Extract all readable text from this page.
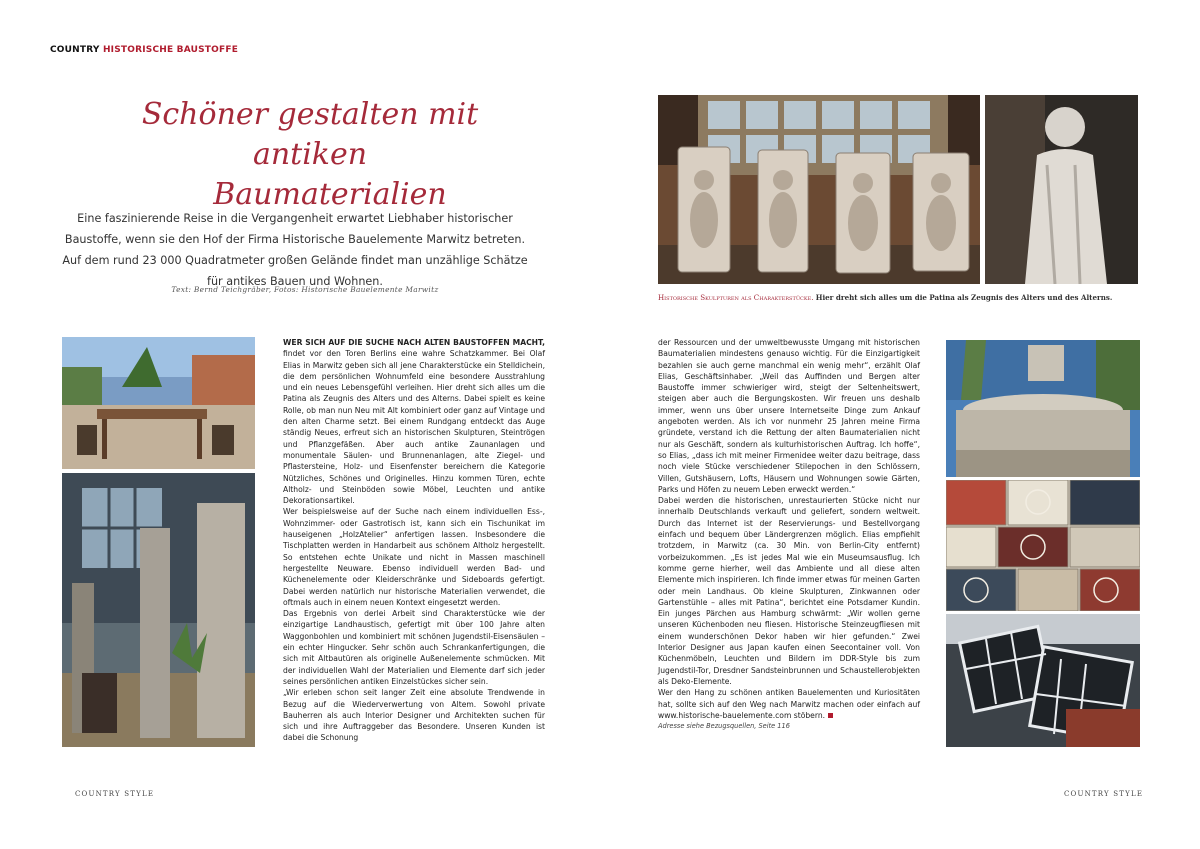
COUNTRY HISTORISCHE BAUSTOFFE
Schöner gestalten mit antiken
Baumaterialien
Eine faszinierende Reise in die Vergangenheit erwartet Liebhaber historischer Baustoffe, wenn sie den Hof der Firma Historische Bauelemente Marwitz betreten. Auf dem rund 23 000 Quadratmeter großen Gelände findet man unzählige Schätze für antikes Bauen und Wohnen.
Text: Bernd Teichgräber, Fotos: Historische Bauelemente Marwitz
Historische Skulpturen als Charakterstücke. Hier dreht sich alles um die Patina als Zeugnis des Alters und des Alterns.

WER SICH AUF DIE SUCHE NACH ALTEN BAUSTOFFEN MACHT, findet vor den Toren Berlins eine wahre Schatzkammer. Bei Olaf Elias in Marwitz geben sich all jene Charakterstücke ein Stelldichein, die dem persönlichen Wohnumfeld eine besondere Ausstrahlung und ein neues Lebensgefühl verleihen. Hier dreht sich alles um die Patina als Zeugnis des Alters und des Alterns. Dabei spielt es keine Rolle, ob man nun Neu mit Alt kombiniert oder ganz auf Vintage und den alten Charme setzt. Bei einem Rundgang entdeckt das Auge ständig Neues, erfreut sich an historischen Skulpturen, Steintrögen und Pflanzgefäßen. Aber auch antike Zaunanlagen und monumentale Säulen- und Brunnenanlagen, alte Ziegel- und Pflastersteine, Holz- und Eisenfenster bereichern die Kategorie Nützliches, Schönes und Originelles. Hinzu kommen Türen, echte Altholz- und Steinböden sowie Möbel, Leuchten und antike Dekorationsartikel.

Wer beispielsweise auf der Suche nach einem individuellen Ess-, Wohnzimmer- oder Gastrotisch ist, kann sich ein Tischunikat im hauseigenen „HolzAtelier“ anfertigen lassen. Insbesondere die Tischplatten werden in Handarbeit aus schönem Altholz hergestellt. So entstehen echte Unikate und nicht in Massen maschinell hergestellte Neuware. Ebenso individuell werden Bad- und Küchenelemente oder Kleiderschränke und Sideboards gefertigt. Dabei werden natürlich nur historische Materialien verwendet, die oftmals auch in einem neuen Kontext eingesetzt werden.

Das Ergebnis von derlei Arbeit sind Charakterstücke wie der einzigartige Landhaustisch, gefertigt mit über 100 Jahre alten Waggonbohlen und kombiniert mit schönen Jugendstil-Eisensäulen – ein echter Hingucker. Sehr schön auch Schrankanfertigungen, die sich mit Altbautüren als originelle Außenelemente schmücken. Mit der individuellen Wahl der Materialien und Elemente darf sich jeder seines persönlichen antiken Einzelstückes sicher sein.

„Wir erleben schon seit langer Zeit eine absolute Trendwende in Bezug auf die Wiederverwertung von Altem. Sowohl private Bauherren als auch Interior Designer und Architekten suchen für sich und ihre Auftraggeber das Besondere. Unseren Kunden ist dabei die Schonung

der Ressourcen und der umweltbewusste Umgang mit historischen Baumaterialien mindestens genauso wichtig. Für die Einzigartigkeit bezahlen sie auch gerne manchmal ein wenig mehr“, erzählt Olaf Elias, Geschäftsinhaber. „Weil das Auffinden und Bergen alter Baustoffe immer schwieriger wird, steigt der Seltenheitswert, steigen aber auch die Bergungskosten. Wir freuen uns deshalb immer, wenn uns über unsere Internetseite Dinge zum Ankauf angeboten werden. Als ich vor nunmehr 25 Jahren meine Firma gründete, verstand ich die Rettung der alten Baumaterialien nicht nur als Geschäft, sondern als kulturhistorischen Auftrag. Ich hoffe“, so Elias, „dass ich mit meiner Firmenidee weiter dazu beitrage, dass noch viele Stücke verschiedener Stilepochen in den Schlössern, Villen, Gutshäusern, Lofts, Häusern und Wohnungen sowie Gärten, Parks und Höfen zu neuem Leben erweckt werden.“

Dabei werden die historischen, unrestaurierten Stücke nicht nur innerhalb Deutschlands verkauft und geliefert, sondern weltweit. Durch das Internet ist der Reservierungs- und Bestellvorgang einfach und bequem über Ländergrenzen möglich. Elias empfiehlt trotzdem, in Marwitz (ca. 30 Min. von Berlin-City entfernt) vorbeizukommen. „Es ist jedes Mal wie ein Museumsausflug. Ich komme gerne hierher, weil das Ambiente und all diese alten Elemente mich inspirieren. Ich finde immer etwas für meinen Garten oder mein Landhaus. Ob kleine Skulpturen, Zinkwannen oder Gartenstühle – alles mit Patina“, berichtet eine Potsdamer Kundin. Ein junges Pärchen aus Hamburg schwärmt: „Wir wollen gerne unseren Küchenboden neu fliesen. Historische Steinzeugfliesen mit einem wunderschönen Dekor haben wir hier gefunden.“ Zwei Interior Designer aus Japan kaufen einen Seecontainer voll. Von Küchenmöbeln, Leuchten und Bildern im DDR-Style bis zum Jugendstil-Tor, Dresdner Sandsteinbrunnen und Schaustellerobjekten als Deko-Elemente.

Wer den Hang zu schönen antiken Bauelementen und Kuriositäten hat, sollte sich auf den Weg nach Marwitz machen oder einfach auf www.historische-bauelemente.com stöbern.

Adresse siehe Bezugsquellen, Seite 116

COUNTRY STYLE	COUNTRY STYLE
